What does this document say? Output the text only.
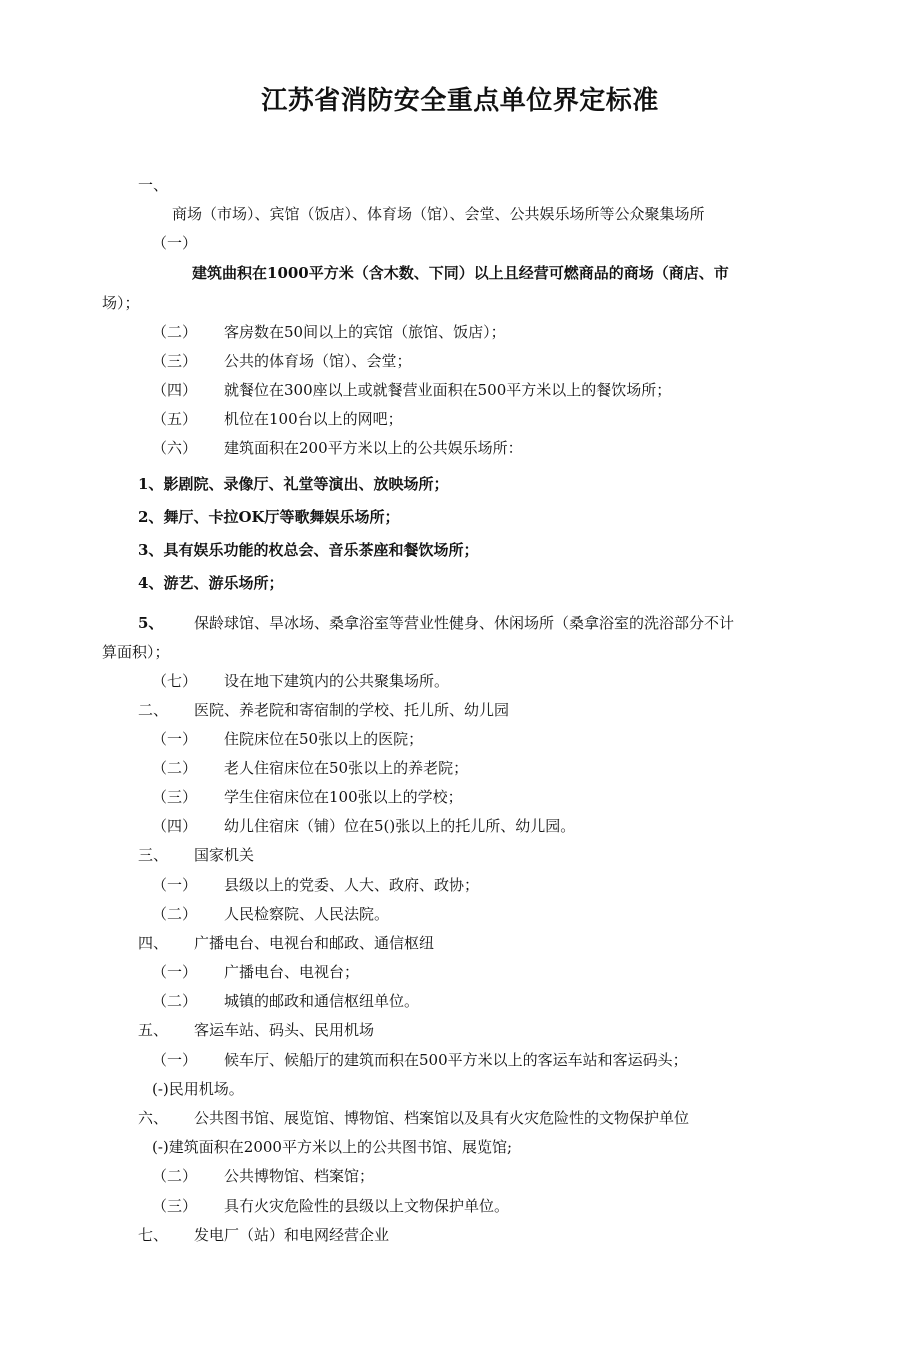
江苏省消防安全重点单位界定标准
一、
商场（市场）、宾馆（饭店）、体育场（馆）、会堂、公共娱乐场所等公众聚集场所
（一）
建筑曲积在1000平方米（含木数、下同）以上且经营可燃商品的商场（商店、市
场）；
（二） 客房数在50间以上的宾馆（旅馆、饭店）；
（三） 公共的体育场（馆）、会堂；
（四） 就餐位在300座以上或就餐营业面积在500平方米以上的餐饮场所；
（五） 机位在100台以上的网吧；
（六） 建筑面积在200平方米以上的公共娱乐场所：
1、影剧院、录像厅、礼堂等演出、放映场所；
2、舞厅、卡拉OK厅等歌舞娱乐场所；
3、具有娱乐功能的枚总会、音乐茶座和餐饮场所；
4、游艺、游乐场所；
5、 保龄球馆、旱冰场、桑拿浴室等营业性健身、休闲场所（桑拿浴室的洗浴部分不计
算面积）；
（七） 设在地下建筑内的公共聚集场所。
二、 医院、养老院和寄宿制的学校、托儿所、幼儿园
（一） 住院床位在50张以上的医院；
（二） 老人住宿床位在50张以上的养老院；
（三） 学生住宿床位在100张以上的学校；
（四） 幼儿住宿床（铺）位在5()张以上的托儿所、幼儿园。
三、 国家机关
（一） 县级以上的党委、人大、政府、政协；
（二） 人民检察院、人民法院。
四、 广播电台、电视台和邮政、通信枢纽
（一） 广播电台、电视台；
（二） 城镇的邮政和通信枢纽单位。
五、 客运车站、码头、民用机场
（一） 候车厅、候船厅的建筑而积在500平方米以上的客运车站和客运码头；
(-)民用机场。
六、 公共图书馆、展览馆、博物馆、档案馆以及具有火灾危险性的文物保护单位
(-)建筑面积在2000平方米以上的公共图书馆、展览馆;
（二） 公共博物馆、档案馆；
（三） 具冇火灾危险性的县级以上文物保护单位。
七、 发电厂（站）和电网经营企业
